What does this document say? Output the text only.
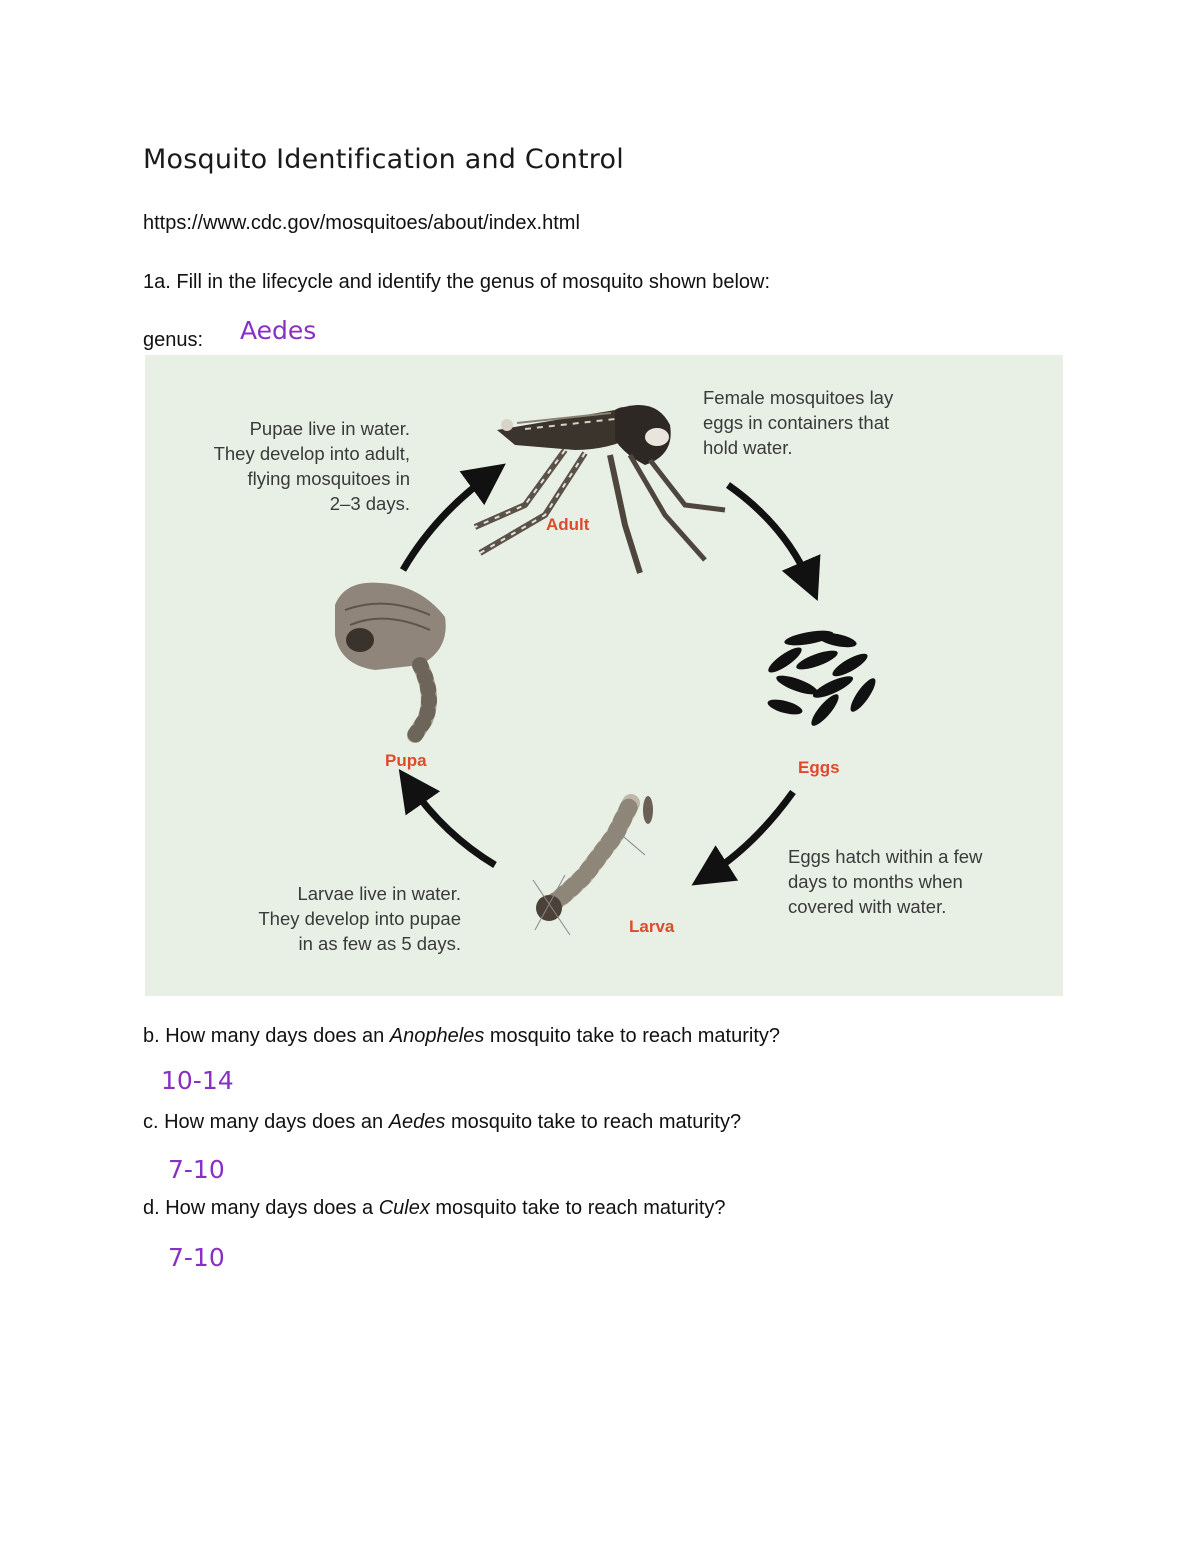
Mosquito Identification and Control
https://www.cdc.gov/mosquitoes/about/index.html
1a. Fill in the lifecycle and identify the genus of mosquito shown below:
genus: Aedes
Adult
Eggs
Larva
Pupa
Female mosquitoes lay
eggs in containers that
hold water.
Eggs hatch within a few
days to months when
covered with water.
Larvae live in water.
They develop into pupae
in as few as 5 days.
Pupae live in water.
They develop into adult,
flying mosquitoes in
2–3 days.
b. How many days does an Anopheles mosquito take to reach maturity?
10-14
c. How many days does an Aedes mosquito take to reach maturity?
7-10
d. How many days does a Culex mosquito take to reach maturity?
7-10
